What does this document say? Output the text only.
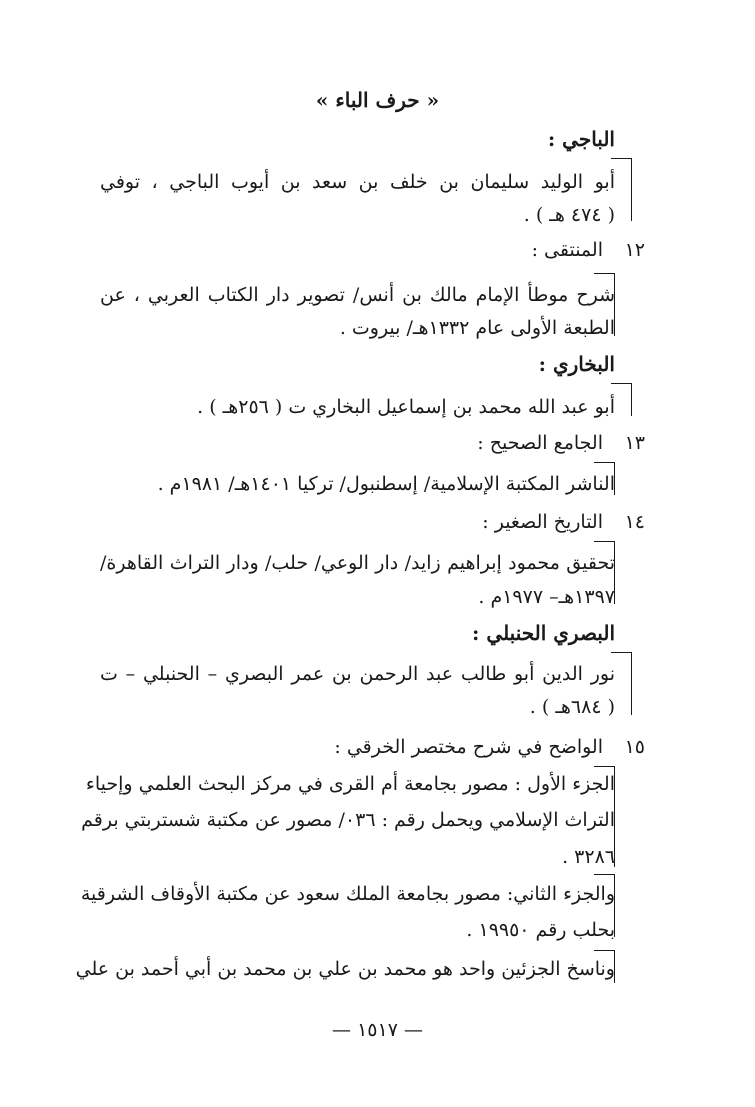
« حرف الباء »
الباجي :
أبو الوليد سليمان بن خلف بن سعد بن أيوب الباجي ، توفي
( ٤٧٤ هـ ) .
١٢
المنتقى :
شرح موطأ الإمام مالك بن أنس/ تصوير دار الكتاب العربي ، عن
الطبعة الأولى عام ١٣٣٢هـ/ بيروت .
البخاري :
أبو عبد الله محمد بن إسماعيل البخاري ت ( ٢٥٦هـ ) .
١٣
الجامع الصحيح :
الناشر المكتبة الإسلامية/ إسطنبول/ تركيا ١٤٠١هـ/ ١٩٨١م .
١٤
التاريخ الصغير :
تحقيق محمود إبراهيم زايد/ دار الوعي/ حلب/ ودار التراث القاهرة/
١٣٩٧هـ– ١٩٧٧م .
البصري الحنبلي :
نور الدين أبو طالب عبد الرحمن بن عمر البصري – الحنبلي – ت
( ٦٨٤هـ ) .
١٥
الواضح في شرح مختصر الخرقي :
الجزء الأول : مصور بجامعة أم القرى في مركز البحث العلمي وإحياء
التراث الإسلامي ويحمل رقم : ٠٣٦/ مصور عن مكتبة شستربتي برقم
٣٢٨٦ .
والجزء الثاني: مصور بجامعة الملك سعود عن مكتبة الأوقاف الشرقية
بحلب رقم ١٩٩٥٠ .
وناسخ الجزئين واحد هو محمد بن علي بن محمد بن أبي أحمد بن علي
— ١٥١٧ —
